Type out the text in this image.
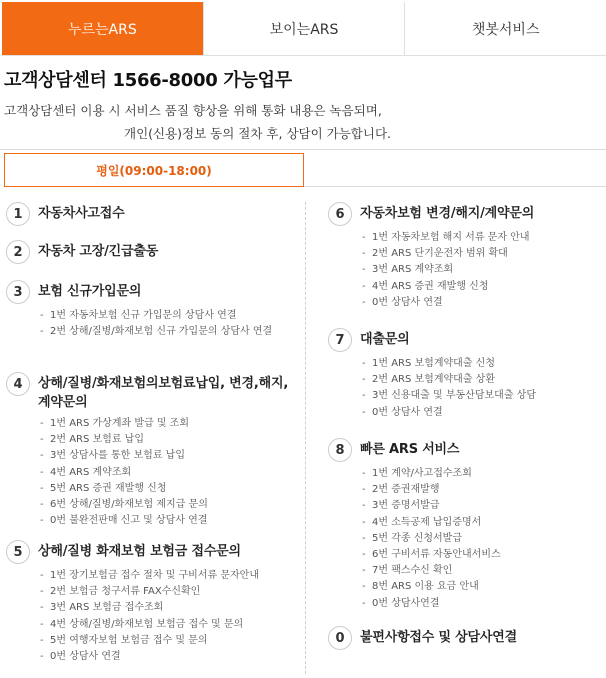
누르는ARS	보이는ARS	챗봇서비스
고객상담센터 1566-8000 가능업무
고객상담센터 이용 시 서비스 품질 향상을 위해 통화 내용은 녹음되며,
개인(신용)정보 동의 절차 후, 상담이 가능합니다.
평일(09:00-18:00)
1	자동차사고접수
2	자동차 고장/긴급출동
3	보험 신규가입문의
- 1번 자동차보험 신규 가입문의 상담사 연결
- 2번 상해/질병/화재보험 신규 가입문의 상담사 연결
4	상해/질병/화재보험의보험료납입, 변경,해지,계약문의
- 1번 ARS 가상계좌 발급 및 조회
- 2번 ARS 보험료 납입
- 3번 상담사를 통한 보험료 납입
- 4번 ARS 계약조회
- 5번 ARS 증권 재발행 신청
- 6번 상해/질병/화재보험 제지급 문의
- 0번 불완전판매 신고 및 상담사 연결
5	상해/질병 화재보험 보험금 접수문의
- 1번 장기보험금 접수 절차 및 구비서류 문자안내
- 2번 보험금 청구서류 FAX수신확인
- 3번 ARS 보험금 접수조회
- 4번 상해/질병/화재보험 보험금 접수 및 문의
- 5번 여행자보험 보험금 접수 및 문의
- 0번 상담사 연결
6	자동차보험 변경/해지/계약문의
- 1번 자동차보험 해지 서류 문자 안내
- 2번 ARS 단기운전자 범위 확대
- 3번 ARS 계약조회
- 4번 ARS 증권 재발행 신청
- 0번 상담사 연결
7	대출문의
- 1번 ARS 보험계약대출 신청
- 2번 ARS 보험계약대출 상환
- 3번 신용대출 및 부동산담보대출 상담
- 0번 상담사 연결
8	빠른 ARS 서비스
- 1번 계약/사고접수조회
- 2번 증권재발행
- 3번 증명서발급
- 4번 소득공제 납입증명서
- 5번 각종 신청서발급
- 6번 구비서류 자동안내서비스
- 7번 팩스수신 확인
- 8번 ARS 이용 요금 안내
- 0번 상담사연결
0	불편사항접수 및 상담사연결
